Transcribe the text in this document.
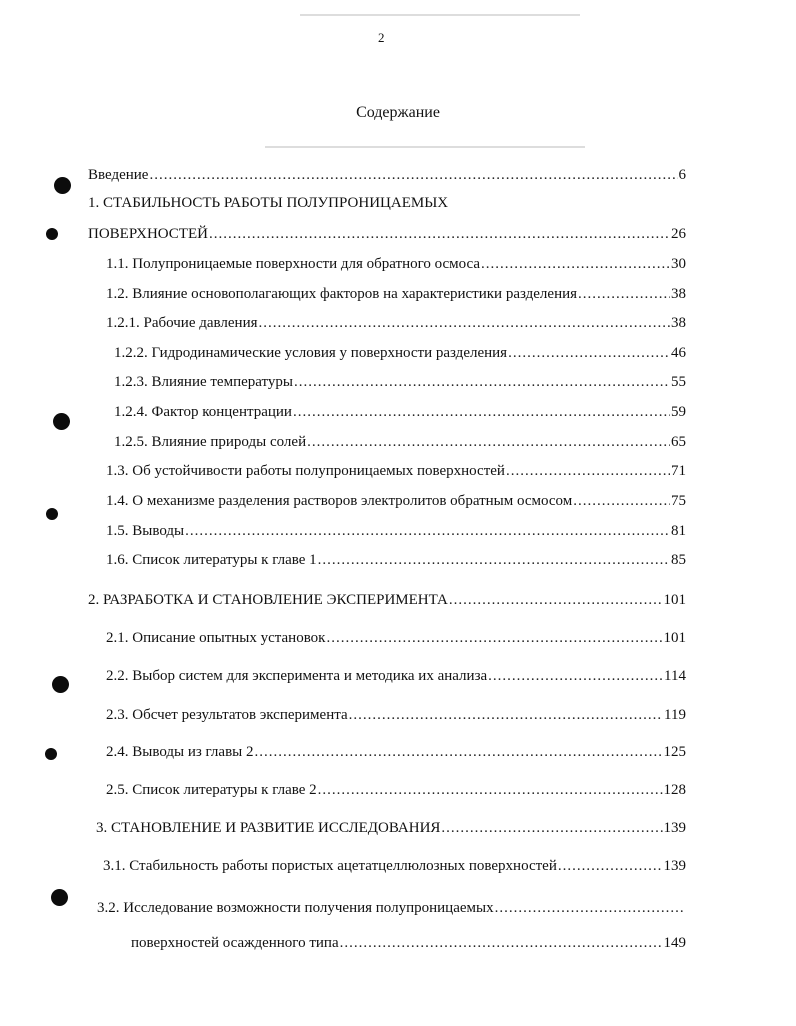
2
Содержание
Введение .....	6
1. СТАБИЛЬНОСТЬ РАБОТЫ ПОЛУПРОНИЦАЕМЫХ
ПОВЕРХНОСТЕЙ .....	26
1.1. Полупроницаемые поверхности для обратного осмоса .....	30
1.2. Влияние основополагающих факторов на характеристики разделения .....	38
1.2.1. Рабочие давления .....	38
1.2.2. Гидродинамические условия у поверхности разделения .....	46
1.2.3. Влияние температуры .....	55
1.2.4. Фактор концентрации .....	59
1.2.5. Влияние природы солей .....	65
1.3. Об устойчивости работы полупроницаемых поверхностей .....	71
1.4. О механизме разделения растворов электролитов обратным осмосом .....	75
1.5. Выводы .....	81
1.6. Список литературы к главе 1 .....	85
2. РАЗРАБОТКА И СТАНОВЛЕНИЕ ЭКСПЕРИМЕНТА .....	101
2.1. Описание опытных установок .....	101
2.2. Выбор систем для эксперимента и методика их анализа .....	114
2.3. Обсчет результатов эксперимента .....	119
2.4. Выводы из главы 2 .....	125
2.5. Список литературы к главе 2 .....	128
3. СТАНОВЛЕНИЕ И РАЗВИТИЕ ИССЛЕДОВАНИЯ .....	139
3.1. Стабильность работы пористых ацетатцеллюлозных поверхностей .....	139
3.2. Исследование возможности получения полупроницаемых
.....
поверхностей осажденного типа .....	149
